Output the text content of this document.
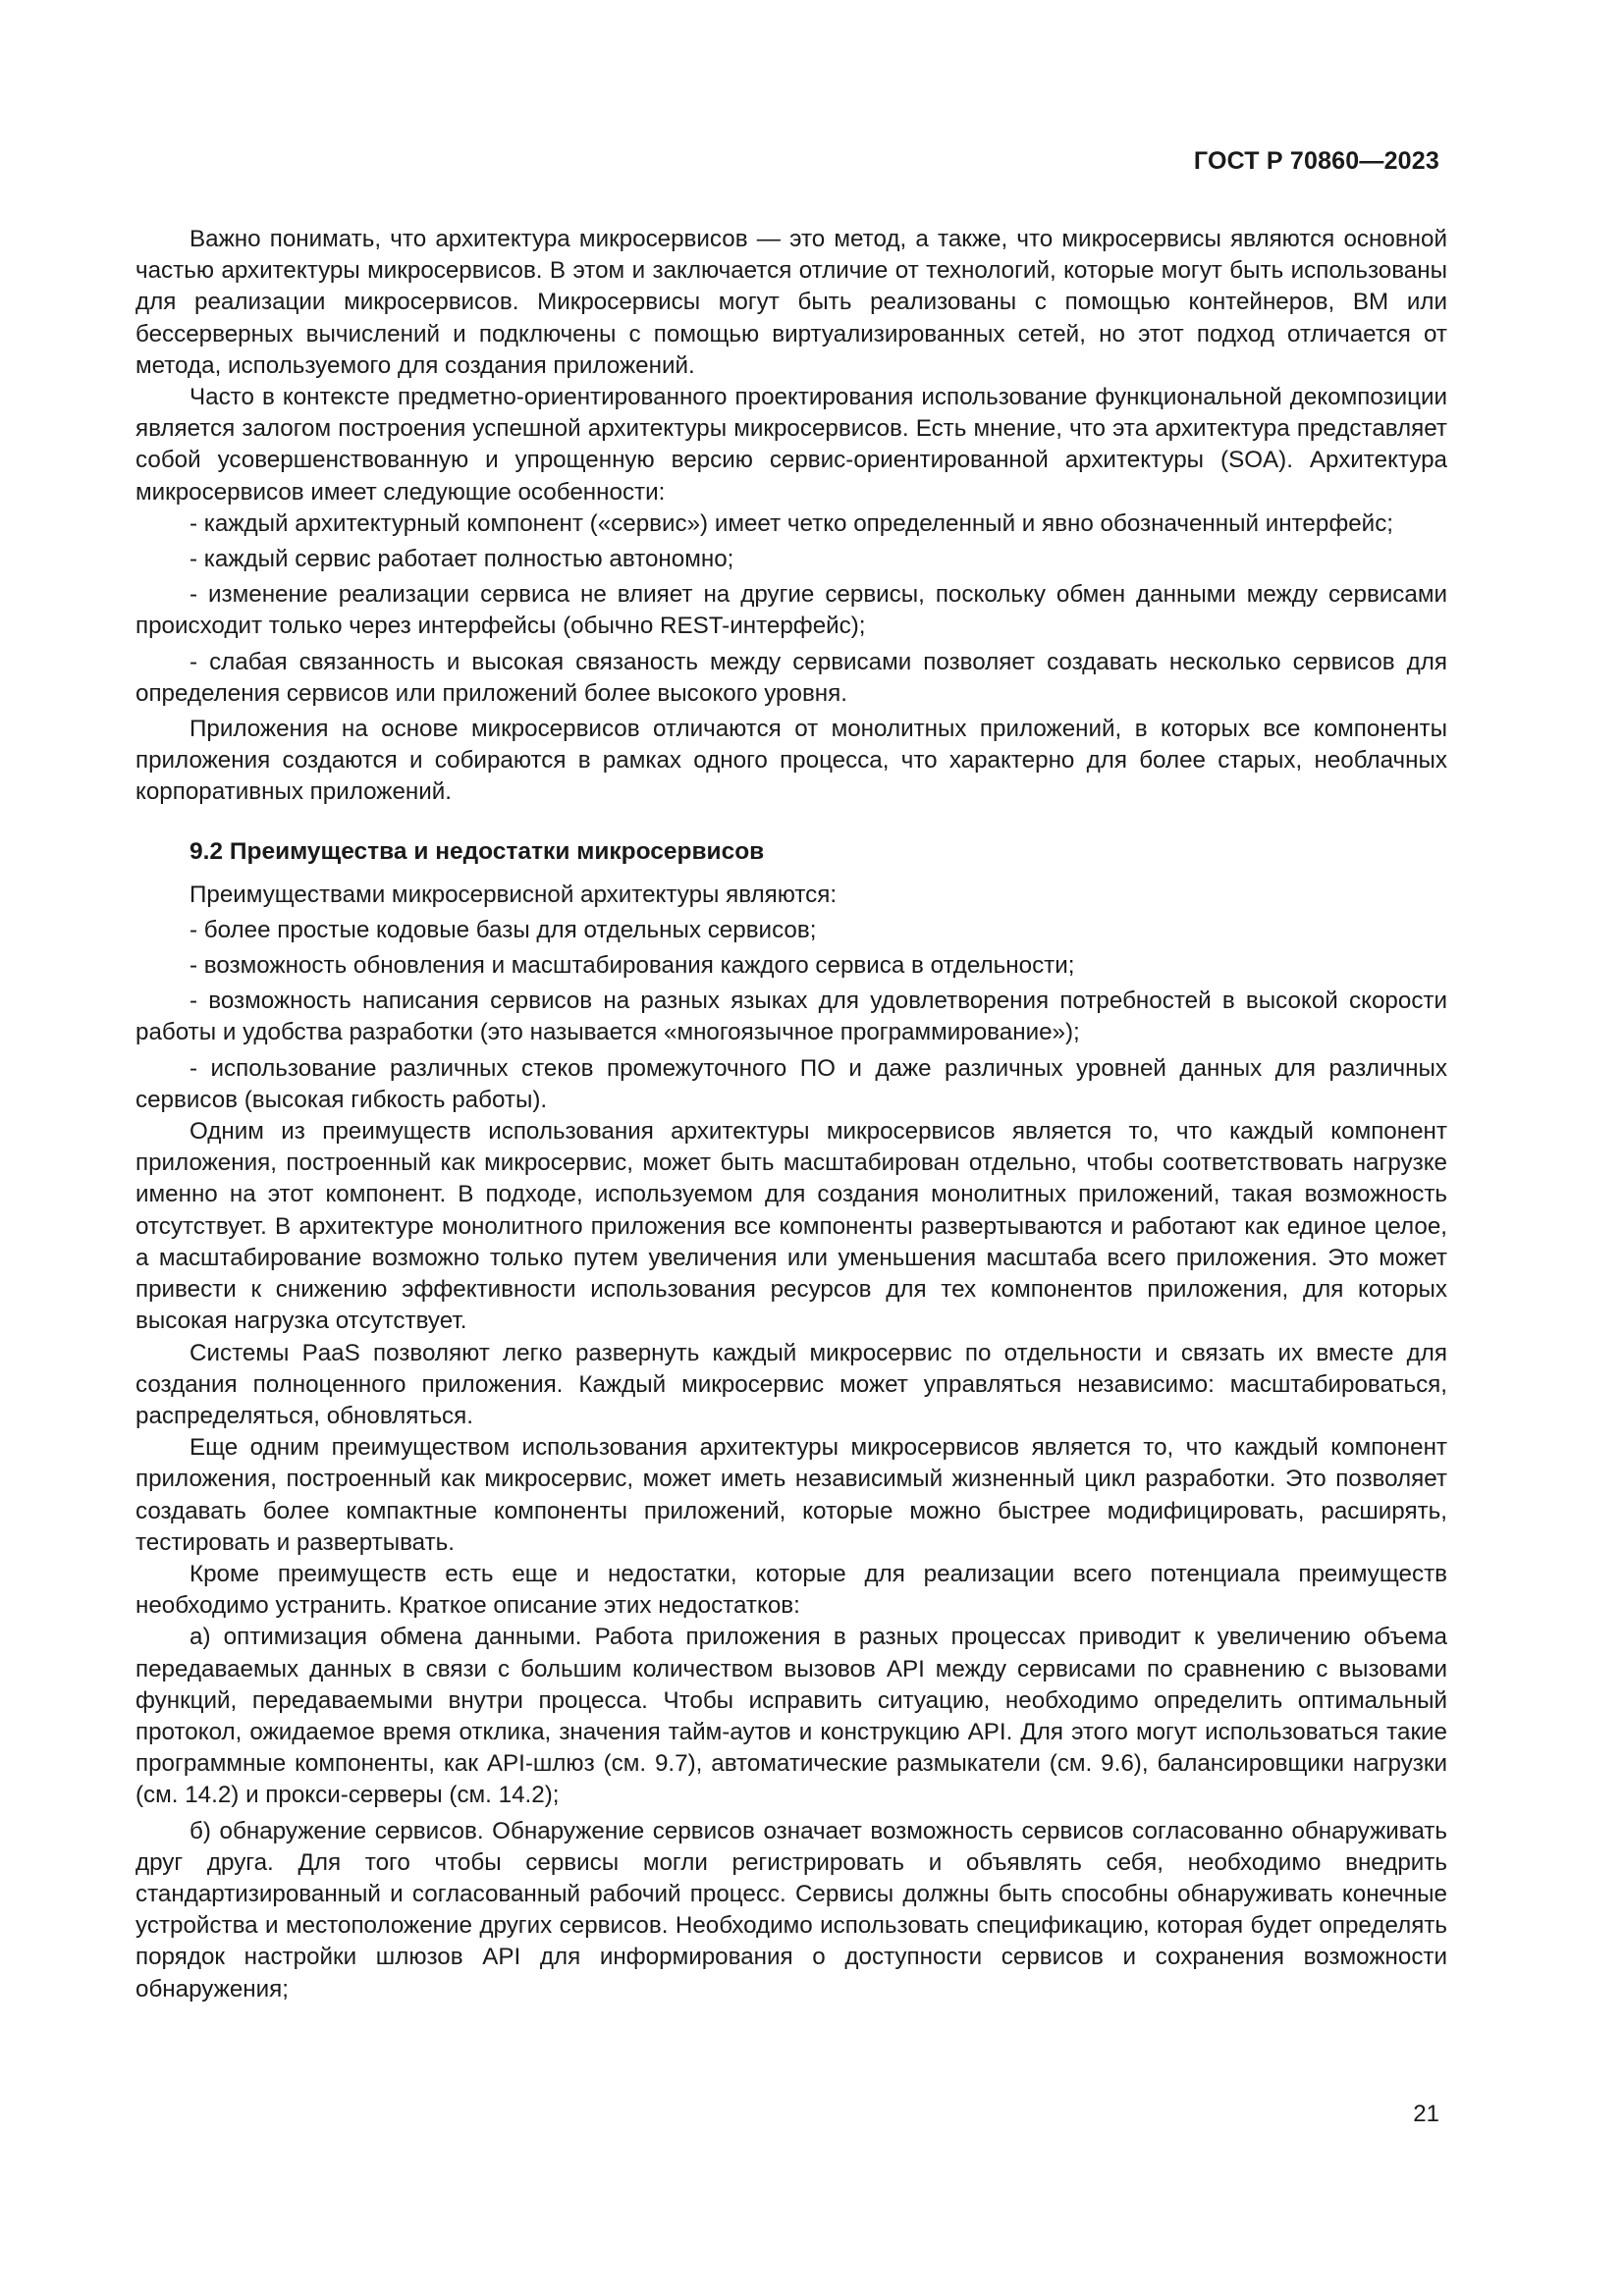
ГОСТ Р 70860—2023

Важно понимать, что архитектура микросервисов — это метод, а также, что микросервисы являются основной частью архитектуры микросервисов. В этом и заключается отличие от технологий, которые могут быть использованы для реализации микросервисов. Микросервисы могут быть реализованы с помощью контейнеров, ВМ или бессерверных вычислений и подключены с помощью виртуализированных сетей, но этот подход отличается от метода, используемого для создания приложений.

Часто в контексте предметно-ориентированного проектирования использование функциональной декомпозиции является залогом построения успешной архитектуры микросервисов. Есть мнение, что эта архитектура представляет собой усовершенствованную и упрощенную версию сервис-ориентированной архитектуры (SOA). Архитектура микросервисов имеет следующие особенности:

- каждый архитектурный компонент («сервис») имеет четко определенный и явно обозначенный интерфейс;

- каждый сервис работает полностью автономно;

- изменение реализации сервиса не влияет на другие сервисы, поскольку обмен данными между сервисами происходит только через интерфейсы (обычно REST-интерфейс);

- слабая связанность и высокая связаность между сервисами позволяет создавать несколько сервисов для определения сервисов или приложений более высокого уровня.

Приложения на основе микросервисов отличаются от монолитных приложений, в которых все компоненты приложения создаются и собираются в рамках одного процесса, что характерно для более старых, необлачных корпоративных приложений.

9.2 Преимущества и недостатки микросервисов

Преимуществами микросервисной архитектуры являются:

- более простые кодовые базы для отдельных сервисов;

- возможность обновления и масштабирования каждого сервиса в отдельности;

- возможность написания сервисов на разных языках для удовлетворения потребностей в высокой скорости работы и удобства разработки (это называется «многоязычное программирование»);

- использование различных стеков промежуточного ПО и даже различных уровней данных для различных сервисов (высокая гибкость работы).

Одним из преимуществ использования архитектуры микросервисов является то, что каждый компонент приложения, построенный как микросервис, может быть масштабирован отдельно, чтобы соответствовать нагрузке именно на этот компонент. В подходе, используемом для создания монолитных приложений, такая возможность отсутствует. В архитектуре монолитного приложения все компоненты развертываются и работают как единое целое, а масштабирование возможно только путем увеличения или уменьшения масштаба всего приложения. Это может привести к снижению эффективности использования ресурсов для тех компонентов приложения, для которых высокая нагрузка отсутствует.

Системы PaaS позволяют легко развернуть каждый микросервис по отдельности и связать их вместе для создания полноценного приложения. Каждый микросервис может управляться независимо: масштабироваться, распределяться, обновляться.

Еще одним преимуществом использования архитектуры микросервисов является то, что каждый компонент приложения, построенный как микросервис, может иметь независимый жизненный цикл разработки. Это позволяет создавать более компактные компоненты приложений, которые можно быстрее модифицировать, расширять, тестировать и развертывать.

Кроме преимуществ есть еще и недостатки, которые для реализации всего потенциала преимуществ необходимо устранить. Краткое описание этих недостатков:

а) оптимизация обмена данными. Работа приложения в разных процессах приводит к увеличению объема передаваемых данных в связи с большим количеством вызовов API между сервисами по сравнению с вызовами функций, передаваемыми внутри процесса. Чтобы исправить ситуацию, необходимо определить оптимальный протокол, ожидаемое время отклика, значения тайм-аутов и конструкцию API. Для этого могут использоваться такие программные компоненты, как API-шлюз (см. 9.7), автоматические размыкатели (см. 9.6), балансировщики нагрузки (см. 14.2) и прокси-серверы (см. 14.2);

б) обнаружение сервисов. Обнаружение сервисов означает возможность сервисов согласованно обнаруживать друг друга. Для того чтобы сервисы могли регистрировать и объявлять себя, необходимо внедрить стандартизированный и согласованный рабочий процесс. Сервисы должны быть способны обнаруживать конечные устройства и местоположение других сервисов. Необходимо использовать спецификацию, которая будет определять порядок настройки шлюзов API для информирования о доступности сервисов и сохранения возможности обнаружения;

21
